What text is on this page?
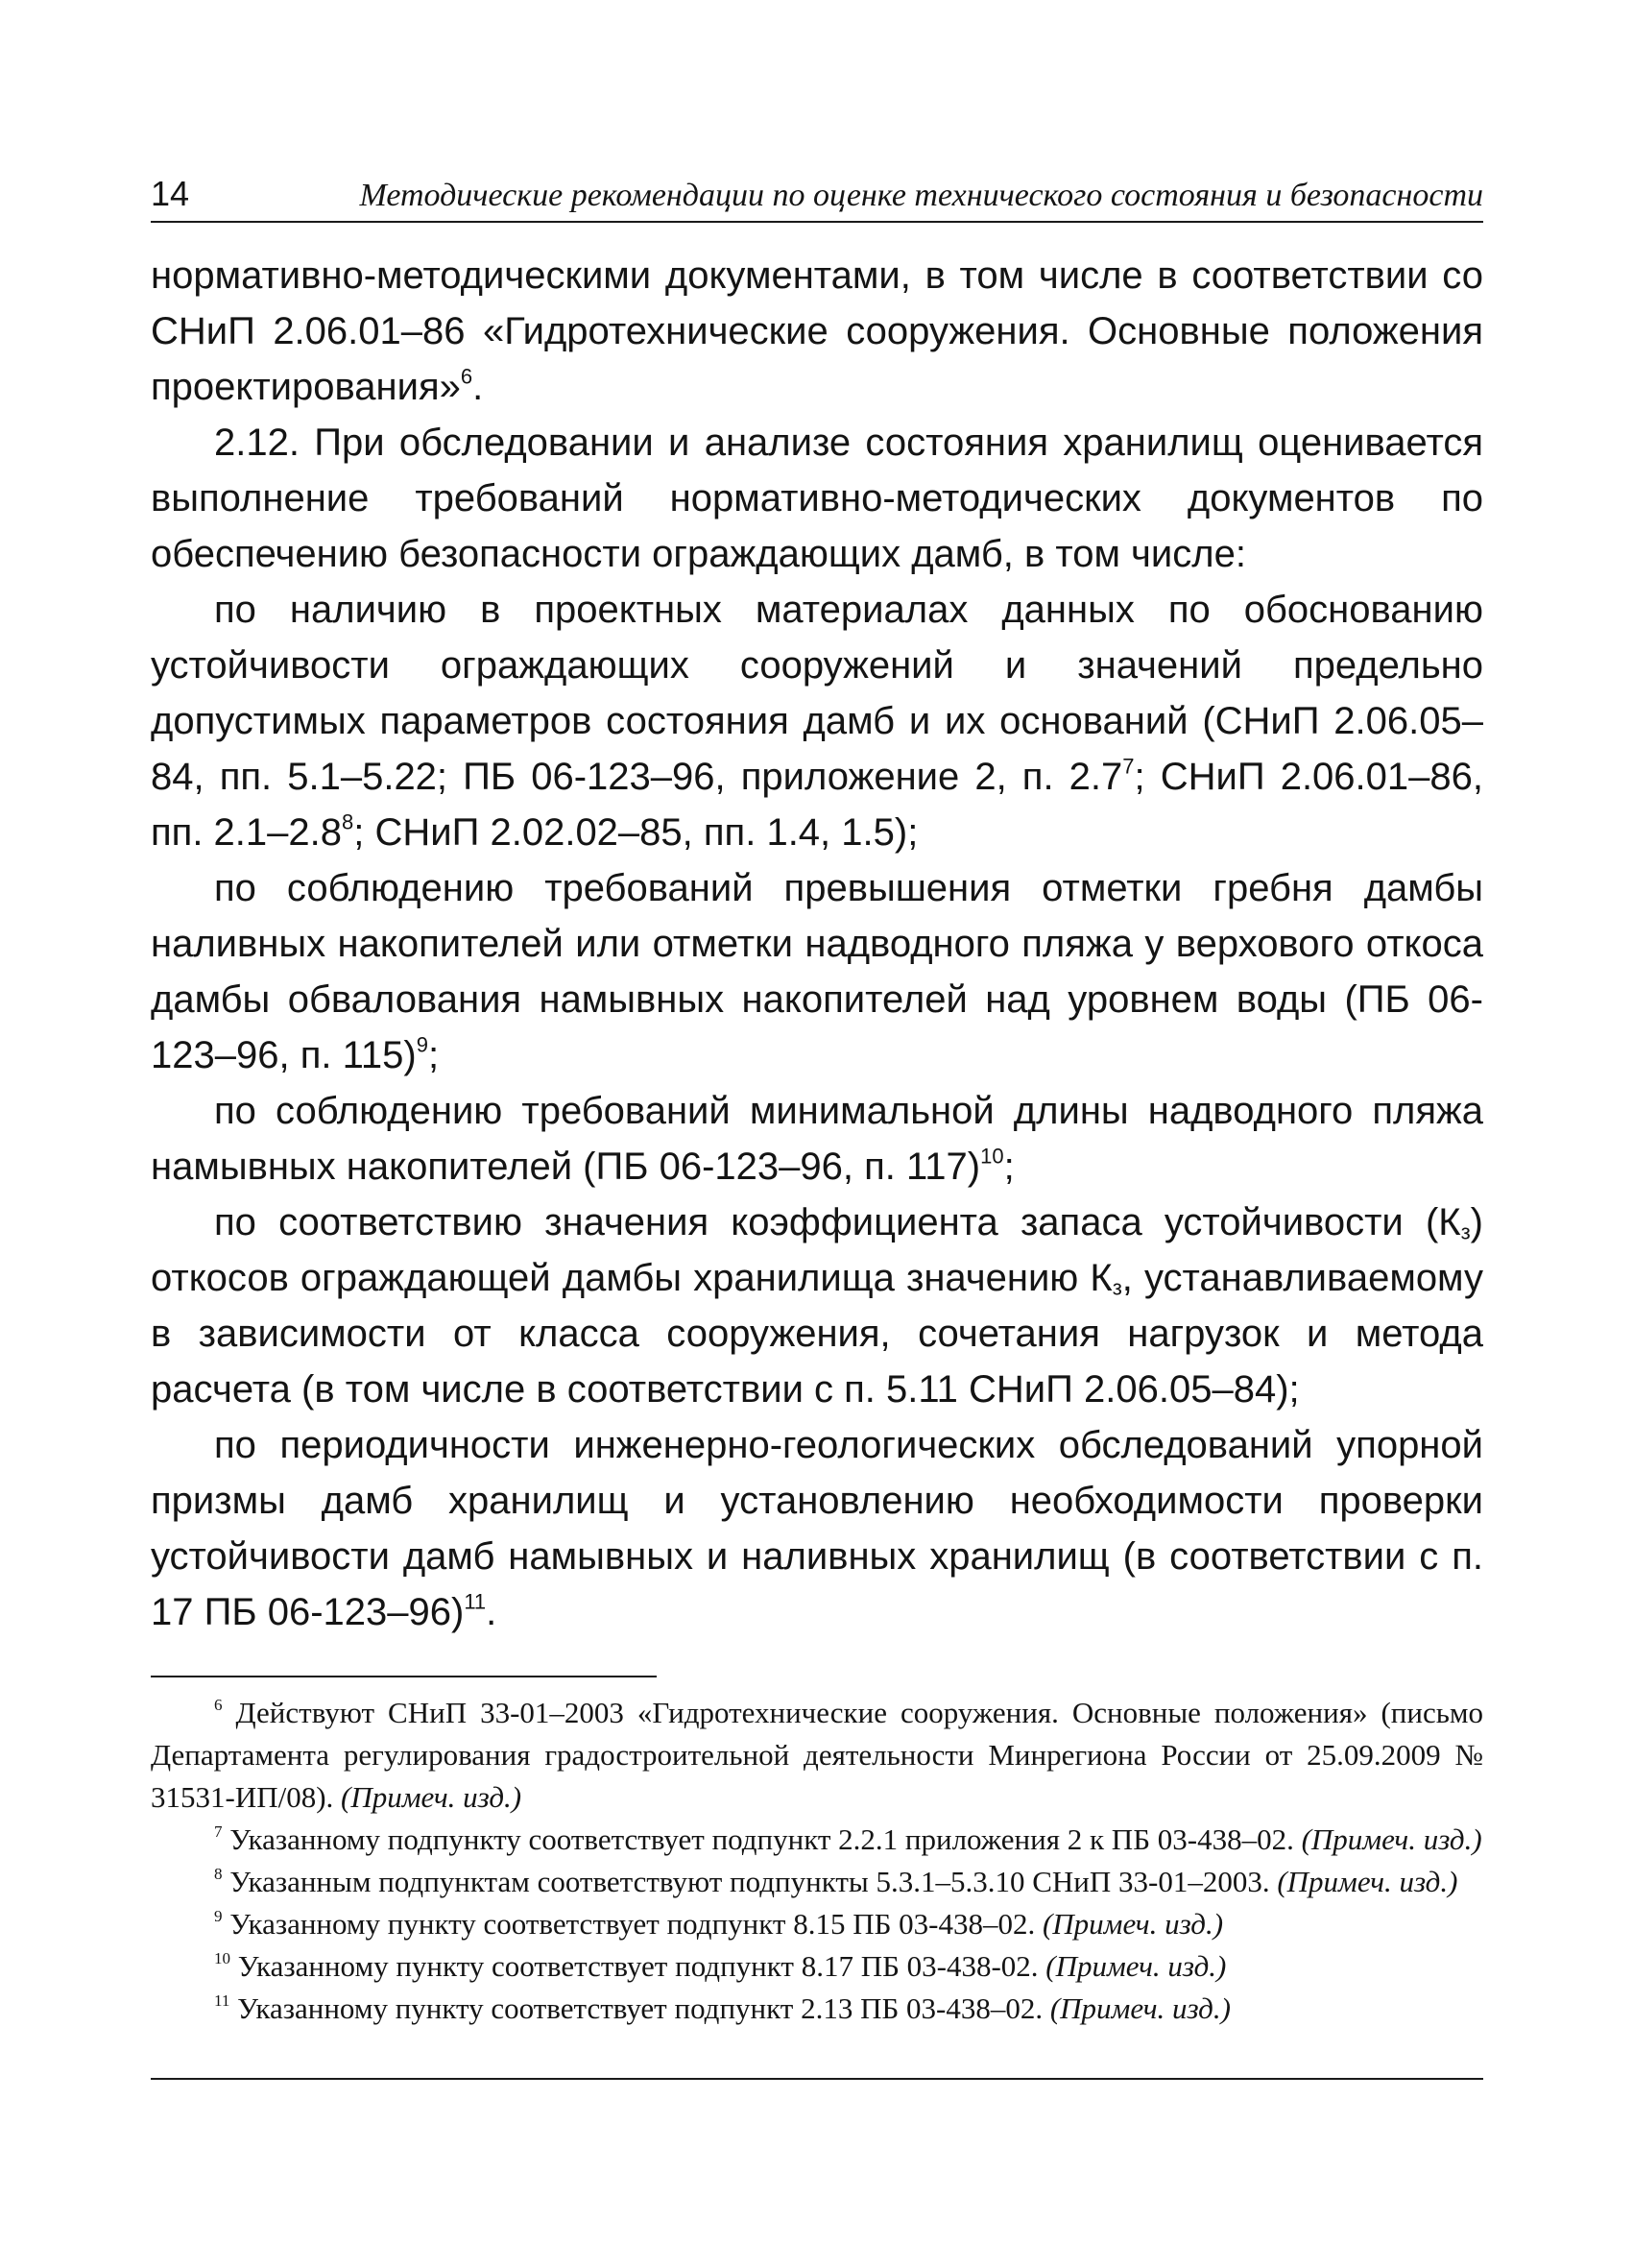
14	Методические рекомендации по оценке технического состояния и безопасности

нормативно-методическими документами, в том числе в соответствии со СНиП 2.06.01–86 «Гидротехнические сооружения. Основные положения проектирования»$^6$.

2.12. При обследовании и анализе состояния хранилищ оценивается выполнение требований нормативно-методических документов по обеспечению безопасности ограждающих дамб, в том числе:

по наличию в проектных материалах данных по обоснованию устойчивости ограждающих сооружений и значений предельно допустимых параметров состояния дамб и их оснований (СНиП 2.06.05–84, пп. 5.1–5.22; ПБ 06-123–96, приложение 2, п. $2.7^7$; СНиП 2.06.01–86, пп. $2.1-2.8^8$; СНиП 2.02.02–85, пп. 1.4, 1.5);

по соблюдению требований превышения отметки гребня дамбы наливных накопителей или отметки надводного пляжа у верхового откоса дамбы обвалования намывных накопителей над уровнем воды (ПБ 06-123–96, п. 115)$^9$;

по соблюдению требований минимальной длины надводного пляжа намывных накопителей (ПБ 06-123–96, п. 117)$^{10}$;

по соответствию значения коэффициента запаса устойчивости $(К_з)$ откосов ограждающей дамбы хранилища значению $К_з$, устанавливаемому в зависимости от класса сооружения, сочетания нагрузок и метода расчета (в том числе в соответствии с п. 5.11 СНиП 2.06.05–84);

по периодичности инженерно-геологических обследований упорной призмы дамб хранилищ и установлению необходимости проверки устойчивости дамб намывных и наливных хранилищ (в соответствии с п. 17 ПБ 06-123–96)$^{11}$.

$^6$ Действуют СНиП 33-01–2003 «Гидротехнические сооружения. Основные положения» (письмо Департамента регулирования градостроительной деятельности Минрегиона России от 25.09.2009 № 31531-ИП/08). (Примеч. изд.)

$^7$ Указанному подпункту соответствует подпункт 2.2.1 приложения 2 к ПБ 03-438–02. (Примеч. изд.)

$^8$ Указанным подпунктам соответствуют подпункты 5.3.1–5.3.10 СНиП 33-01–2003. (Примеч. изд.)

$^9$ Указанному пункту соответствует подпункт 8.15 ПБ 03-438–02. (Примеч. изд.)

$^{10}$ Указанному пункту соответствует подпункт 8.17 ПБ 03-438-02. (Примеч. изд.)

$^{11}$ Указанному пункту соответствует подпункт 2.13 ПБ 03-438–02. (Примеч. изд.)
